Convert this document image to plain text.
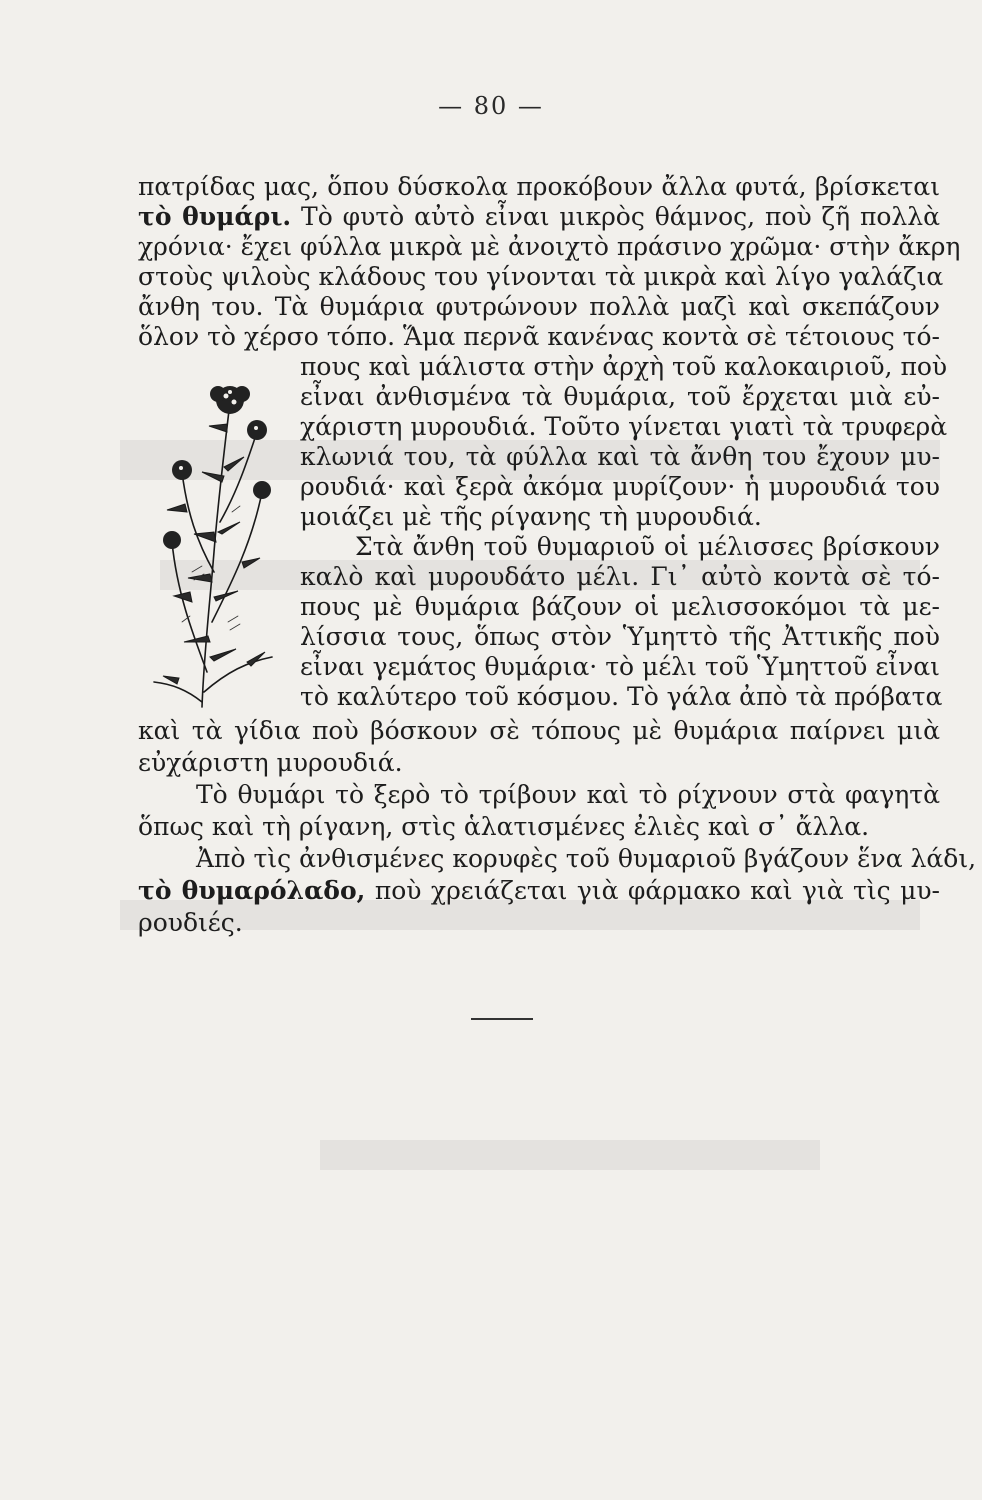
— 80 —
πατρίδας μας, ὅπου δύσκολα προκόβουν ἄλλα φυτά, βρίσκεται
τὸ θυμάρι. Τὸ φυτὸ αὐτὸ εἶναι μικρὸς θάμνος, ποὺ ζῆ πολλὰ
χρόνια· ἔχει φύλλα μικρὰ μὲ ἀνοιχτὸ πράσινο χρῶμα· στὴν ἄκρη
στοὺς ψιλοὺς κλάδους του γίνονται τὰ μικρὰ καὶ λίγο γαλάζια
ἄνθη του. Τὰ θυμάρια φυτρώνουν πολλὰ μαζὶ καὶ σκεπάζουν
ὅλον τὸ χέρσο τόπο. Ἅμα περνᾶ κανένας κοντὰ σὲ τέτοιους τό-
πους καὶ μάλιστα στὴν ἀρχὴ τοῦ καλοκαιριοῦ, ποὺ
εἶναι ἀνθισμένα τὰ θυμάρια, τοῦ ἔρχεται μιὰ εὐ-
χάριστη μυρουδιά. Τοῦτο γίνεται γιατὶ τὰ τρυφερὰ
κλωνιά του, τὰ φύλλα καὶ τὰ ἄνθη του ἔχουν μυ-
ρουδιά· καὶ ξερὰ ἀκόμα μυρίζουν· ἡ μυρουδιά του
μοιάζει μὲ τῆς ρίγανης τὴ μυρουδιά.
Στὰ ἄνθη τοῦ θυμαριοῦ οἱ μέλισσες βρίσκουν
καλὸ καὶ μυρουδάτο μέλι. Γι᾿ αὐτὸ κοντὰ σὲ τό-
πους μὲ θυμάρια βάζουν οἱ μελισσοκόμοι τὰ με-
λίσσια τους, ὅπως στὸν Ὑμηττὸ τῆς Ἀττικῆς ποὺ
εἶναι γεμάτος θυμάρια· τὸ μέλι τοῦ Ὑμηττοῦ εἶναι
τὸ καλύτερο τοῦ κόσμου. Τὸ γάλα ἀπὸ τὰ πρόβατα
καὶ τὰ γίδια ποὺ βόσκουν σὲ τόπους μὲ θυμάρια παίρνει μιὰ
εὐχάριστη μυρουδιά.
Τὸ θυμάρι τὸ ξερὸ τὸ τρίβουν καὶ τὸ ρίχνουν στὰ φαγητὰ
ὅπως καὶ τὴ ρίγανη, στὶς ἁλατισμένες ἐλιὲς καὶ σ᾿ ἄλλα.
Ἀπὸ τὶς ἀνθισμένες κορυφὲς τοῦ θυμαριοῦ βγάζουν ἕνα λάδι,
τὸ θυμαρόλαδο, ποὺ χρειάζεται γιὰ φάρμακο καὶ γιὰ τὶς μυ-
ρουδιές.
